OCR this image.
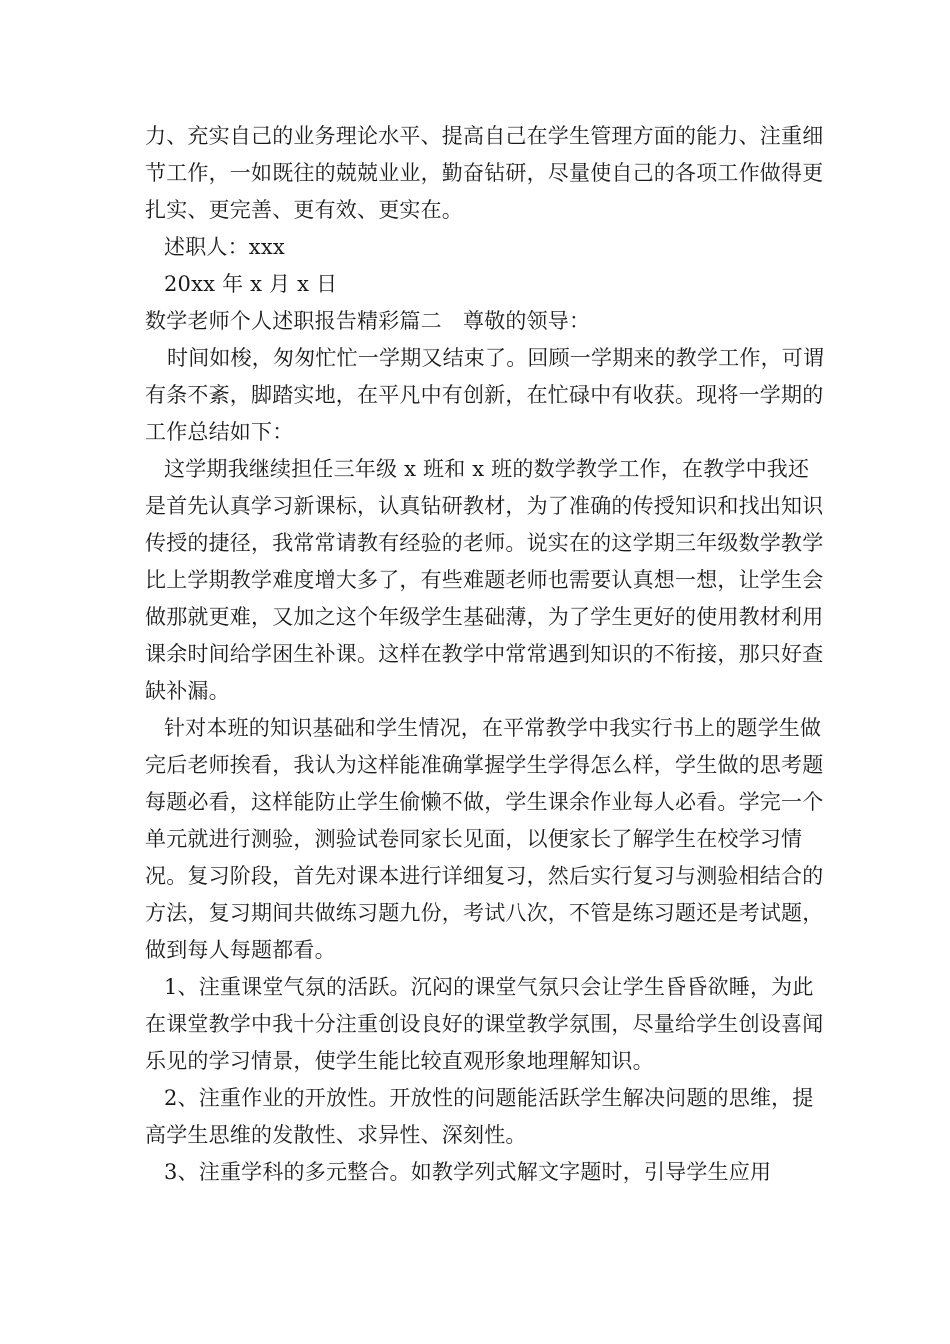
力、充实自己的业务理论水平、提高自己在学生管理方面的能力、注重细节工作，一如既往的兢兢业业，勤奋钻研，尽量使自己的各项工作做得更扎实、更完善、更有效、更实在。

述职人：xxx

20xx 年 x 月 x 日

数学老师个人述职报告精彩篇二　尊敬的领导：

时间如梭，匆匆忙忙一学期又结束了。回顾一学期来的教学工作，可谓有条不紊，脚踏实地，在平凡中有创新，在忙碌中有收获。现将一学期的工作总结如下：

这学期我继续担任三年级 x 班和 x 班的数学教学工作，在教学中我还是首先认真学习新课标，认真钻研教材，为了准确的传授知识和找出知识传授的捷径，我常常请教有经验的老师。说实在的这学期三年级数学教学比上学期教学难度增大多了，有些难题老师也需要认真想一想，让学生会做那就更难，又加之这个年级学生基础薄，为了学生更好的使用教材利用课余时间给学困生补课。这样在教学中常常遇到知识的不衔接，那只好查缺补漏。

针对本班的知识基础和学生情况，在平常教学中我实行书上的题学生做完后老师挨看，我认为这样能准确掌握学生学得怎么样，学生做的思考题每题必看，这样能防止学生偷懒不做，学生课余作业每人必看。学完一个单元就进行测验，测验试卷同家长见面，以便家长了解学生在校学习情况。复习阶段，首先对课本进行详细复习，然后实行复习与测验相结合的方法，复习期间共做练习题九份，考试八次，不管是练习题还是考试题，做到每人每题都看。

1、注重课堂气氛的活跃。沉闷的课堂气氛只会让学生昏昏欲睡，为此在课堂教学中我十分注重创设良好的课堂教学氛围，尽量给学生创设喜闻乐见的学习情景，使学生能比较直观形象地理解知识。

2、注重作业的开放性。开放性的问题能活跃学生解决问题的思维，提高学生思维的发散性、求异性、深刻性。

3、注重学科的多元整合。如教学列式解文字题时，引导学生应用
